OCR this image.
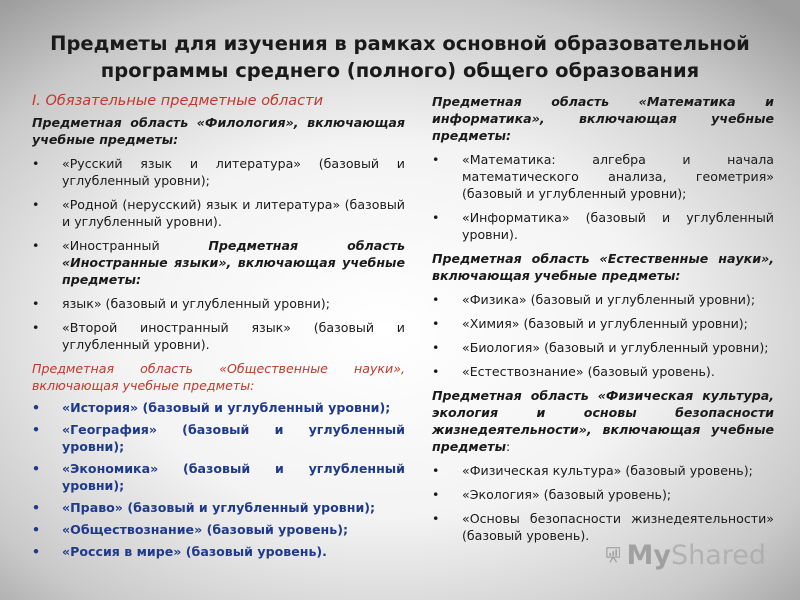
Предметы для изучения в рамках основной образовательной программы среднего (полного) общего образования

I. Обязательные предметные области

Предметная область «Филология», включающая учебные предметы:

• «Русский язык и литература» (базовый и углубленный уровни);
• «Родной (нерусский) язык и литература» (базовый и углубленный уровни).
• «Иностранный Предметная область «Иностранные языки», включающая учебные предметы:
• язык» (базовый и углубленный уровни);
• «Второй иностранный язык» (базовый и углубленный уровни).

Предметная область «Общественные науки», включающая учебные предметы:

• «История» (базовый и углубленный уровни);
• «География» (базовый и углубленный уровни);
• «Экономика» (базовый и углубленный уровни);
• «Право» (базовый и углубленный уровни);
• «Обществознание» (базовый уровень);
• «Россия в мире» (базовый уровень).

Предметная область «Математика и информатика», включающая учебные предметы:

• «Математика: алгебра и начала математического анализа, геометрия» (базовый и углубленный уровни);
• «Информатика» (базовый и углубленный уровни).

Предметная область «Естественные науки», включающая учебные предметы:

• «Физика» (базовый и углубленный уровни);
• «Химия» (базовый и углубленный уровни);
• «Биология» (базовый и углубленный уровни);
• «Естествознание» (базовый уровень).

Предметная область «Физическая культура, экология и основы безопасности жизнедеятельности», включающая учебные предметы:

• «Физическая культура» (базовый уровень);
• «Экология» (базовый уровень);
• «Основы безопасности жизнедеятельности» (базовый уровень).
MyShared
